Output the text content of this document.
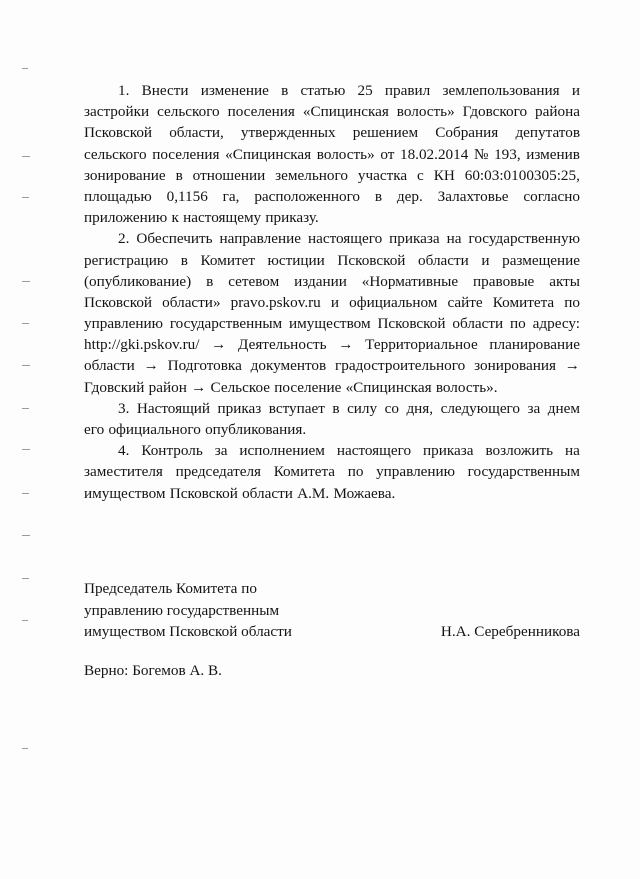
1. Внести изменение в статью 25 правил землепользования и
застройки сельского поселения «Спицинская волость» Гдовского района
Псковской области, утвержденных решением Собрания депутатов
сельского поселения «Спицинская волость» от 18.02.2014 № 193, изменив
зонирование в отношении земельного участка с КН 60:03:0100305:25,
площадью 0,1156 га, расположенного в дер. Залахтовье согласно
приложению к настоящему приказу.
2. Обеспечить направление настоящего приказа на государственную
регистрацию в Комитет юстиции Псковской области и размещение
(опубликование) в сетевом издании «Нормативные правовые акты
Псковской области» pravo.pskov.ru и официальном сайте Комитета по
управлению государственным имуществом Псковской области по адресу:
http://gki.pskov.ru/ → Деятельность → Территориальное планирование
области → Подготовка документов градостроительного зонирования →
Гдовский район → Сельское поселение «Спицинская волость».
3. Настоящий приказ вступает в силу со дня, следующего за днем
его официального опубликования.
4. Контроль за исполнением настоящего приказа возложить на
заместителя председателя Комитета по управлению государственным
имуществом Псковской области А.М. Можаева.
Председатель Комитета по
управлению государственным
имуществом Псковской области	Н.А. Серебренникова
Верно: Богемов А. В.
